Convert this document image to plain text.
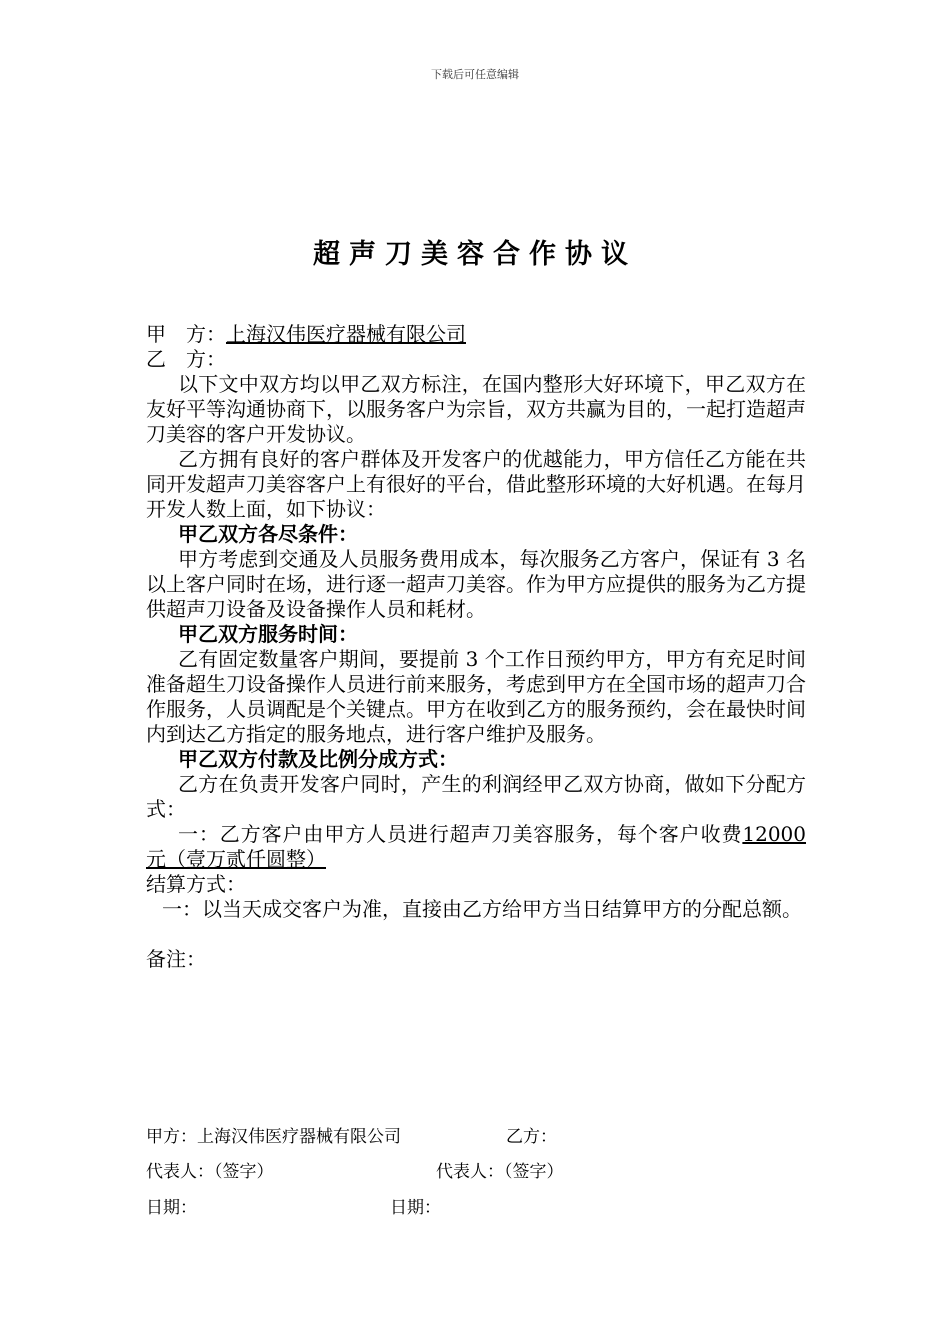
下载后可任意编辑
超声刀美容合作协议

甲　方：上海汉伟医疗器械有限公司

乙　方：

以下文中双方均以甲乙双方标注，在国内整形大好环境下，甲乙双方在友好平等沟通协商下，以服务客户为宗旨，双方共赢为目的，一起打造超声刀美容的客户开发协议。

乙方拥有良好的客户群体及开发客户的优越能力，甲方信任乙方能在共同开发超声刀美容客户上有很好的平台，借此整形环境的大好机遇。在每月开发人数上面，如下协议：

甲乙双方各尽条件：

甲方考虑到交通及人员服务费用成本，每次服务乙方客户，保证有 3 名以上客户同时在场，进行逐一超声刀美容。作为甲方应提供的服务为乙方提供超声刀设备及设备操作人员和耗材。

甲乙双方服务时间：

乙有固定数量客户期间，要提前 3 个工作日预约甲方，甲方有充足时间准备超生刀设备操作人员进行前来服务，考虑到甲方在全国市场的超声刀合作服务，人员调配是个关键点。甲方在收到乙方的服务预约，会在最快时间内到达乙方指定的服务地点，进行客户维护及服务。

甲乙双方付款及比例分成方式：

乙方在负责开发客户同时，产生的利润经甲乙双方协商，做如下分配方式：

一：乙方客户由甲方人员进行超声刀美容服务，每个客户收费12000 元（壹万贰仟圆整）

结算方式：

一：以当天成交客户为准，直接由乙方给甲方当日结算甲方的分配总额。

备注：

甲方：上海汉伟医疗器械有限公司	乙方：
代表人：（签字）	代表人：（签字）
日期：	日期：
